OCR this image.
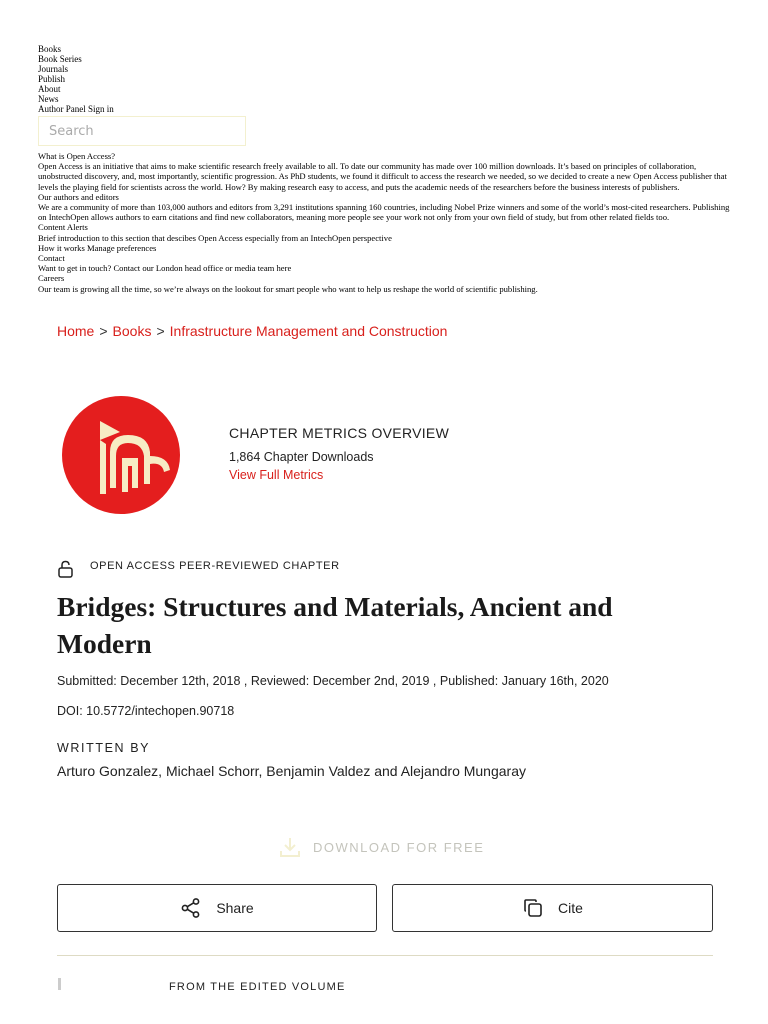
Books
Book Series
Journals
Publish
About
News
Author Panel Sign in
Search
What is Open Access?
Open Access is an initiative that aims to make scientific research freely available to all. To date our community has made over 100 million downloads. It’s based on principles of collaboration, unobstructed discovery, and, most importantly, scientific progression. As PhD students, we found it difficult to access the research we needed, so we decided to create a new Open Access publisher that levels the playing field for scientists across the world. How? By making research easy to access, and puts the academic needs of the researchers before the business interests of publishers.
Our authors and editors
We are a community of more than 103,000 authors and editors from 3,291 institutions spanning 160 countries, including Nobel Prize winners and some of the world’s most-cited researchers. Publishing on IntechOpen allows authors to earn citations and find new collaborators, meaning more people see your work not only from your own field of study, but from other related fields too.
Content Alerts
Brief introduction to this section that descibes Open Access especially from an IntechOpen perspective
How it works Manage preferences
Contact
Want to get in touch? Contact our London head office or media team here
Careers
Our team is growing all the time, so we’re always on the lookout for smart people who want to help us reshape the world of scientific publishing.
Home > Books > Infrastructure Management and Construction
CHAPTER METRICS OVERVIEW
1,864 Chapter Downloads
View Full Metrics
OPEN ACCESS PEER-REVIEWED CHAPTER
Bridges: Structures and Materials, Ancient and Modern
Submitted: December 12th, 2018 , Reviewed: December 2nd, 2019 , Published: January 16th, 2020
DOI: 10.5772/intechopen.90718
WRITTEN BY
Arturo Gonzalez, Michael Schorr, Benjamin Valdez and Alejandro Mungaray
DOWNLOAD FOR FREE
Share	Cite
FROM THE EDITED VOLUME
